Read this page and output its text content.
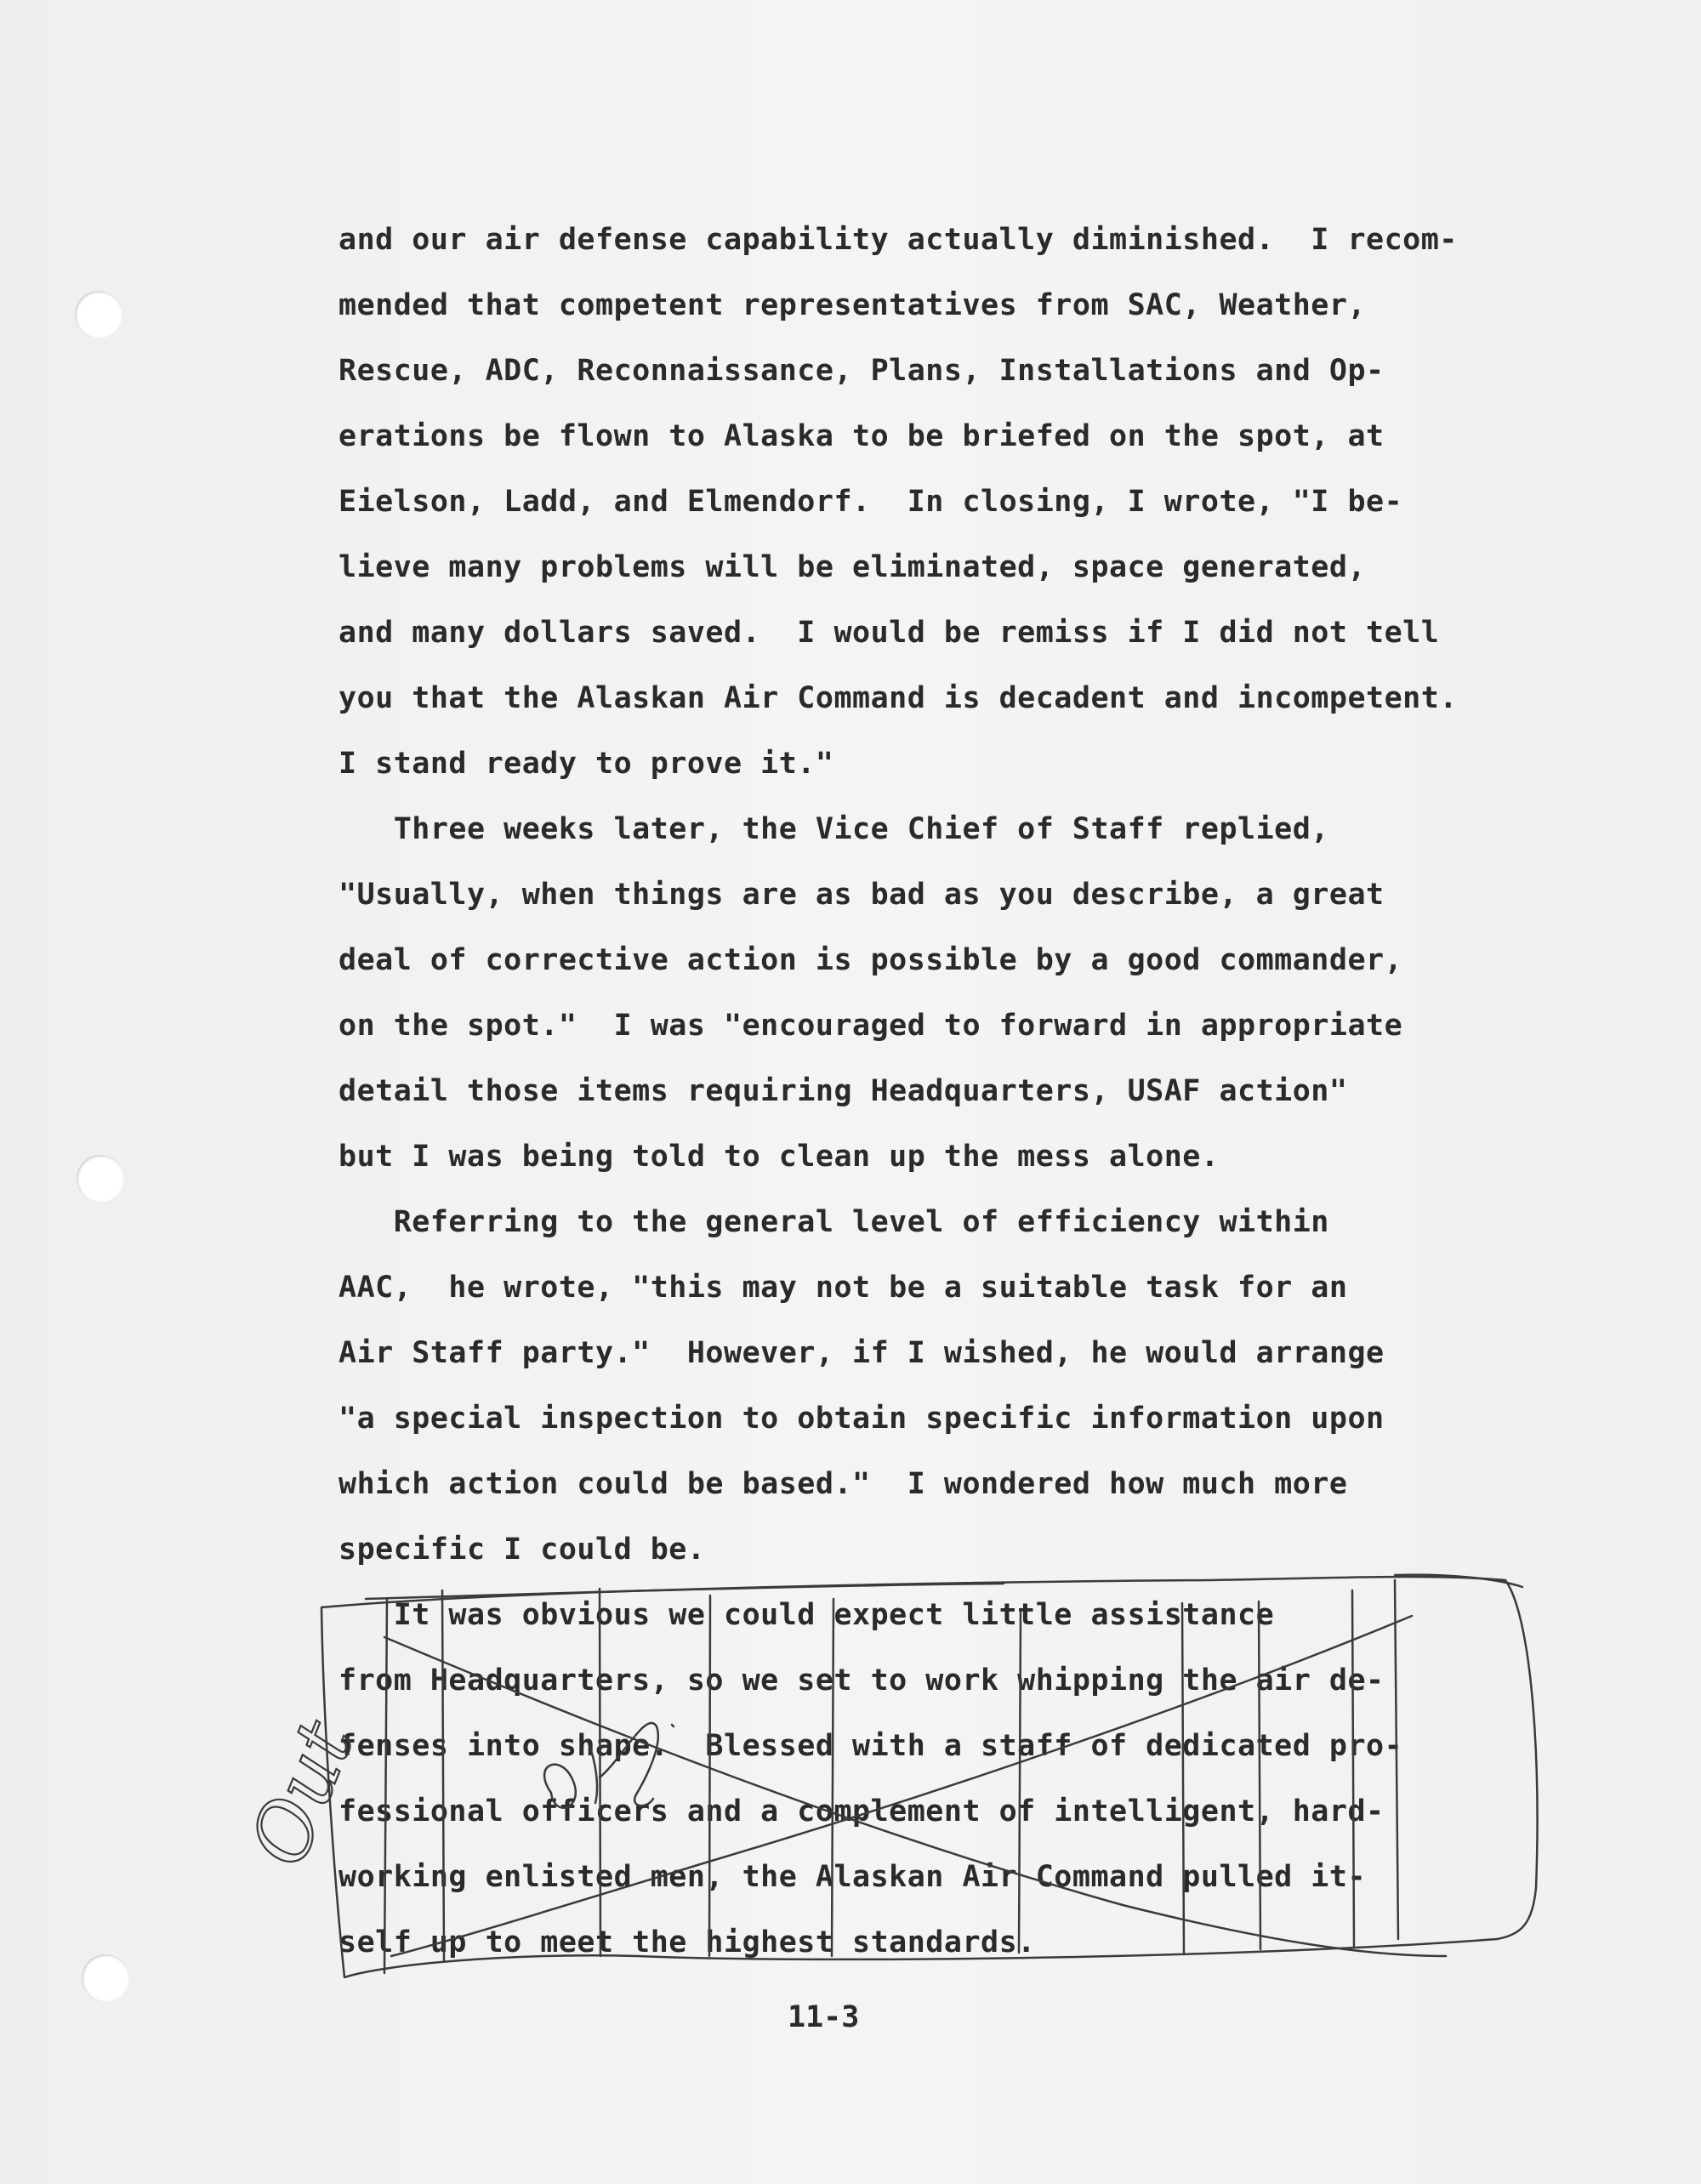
and our air defense capability actually diminished.  I recom-
mended that competent representatives from SAC, Weather,
Rescue, ADC, Reconnaissance, Plans, Installations and Op-
erations be flown to Alaska to be briefed on the spot, at
Eielson, Ladd, and Elmendorf.  In closing, I wrote, "I be-
lieve many problems will be eliminated, space generated,
and many dollars saved.  I would be remiss if I did not tell
you that the Alaskan Air Command is decadent and incompetent.
I stand ready to prove it."
Three weeks later, the Vice Chief of Staff replied,
"Usually, when things are as bad as you describe, a great
deal of corrective action is possible by a good commander,
on the spot."  I was "encouraged to forward in appropriate
detail those items requiring Headquarters, USAF action"
but I was being told to clean up the mess alone.
Referring to the general level of efficiency within
AAC,  he wrote, "this may not be a suitable task for an
Air Staff party."  However, if I wished, he would arrange
"a special inspection to obtain specific information upon
which action could be based."  I wondered how much more
specific I could be.
It was obvious we could expect little assistance
from Headquarters, so we set to work whipping the air de-
fenses into shape.  Blessed with a staff of dedicated pro-
fessional officers and a complement of intelligent, hard-
working enlisted men, the Alaskan Air Command pulled it-
self up to meet the highest standards.
11-3
Out
